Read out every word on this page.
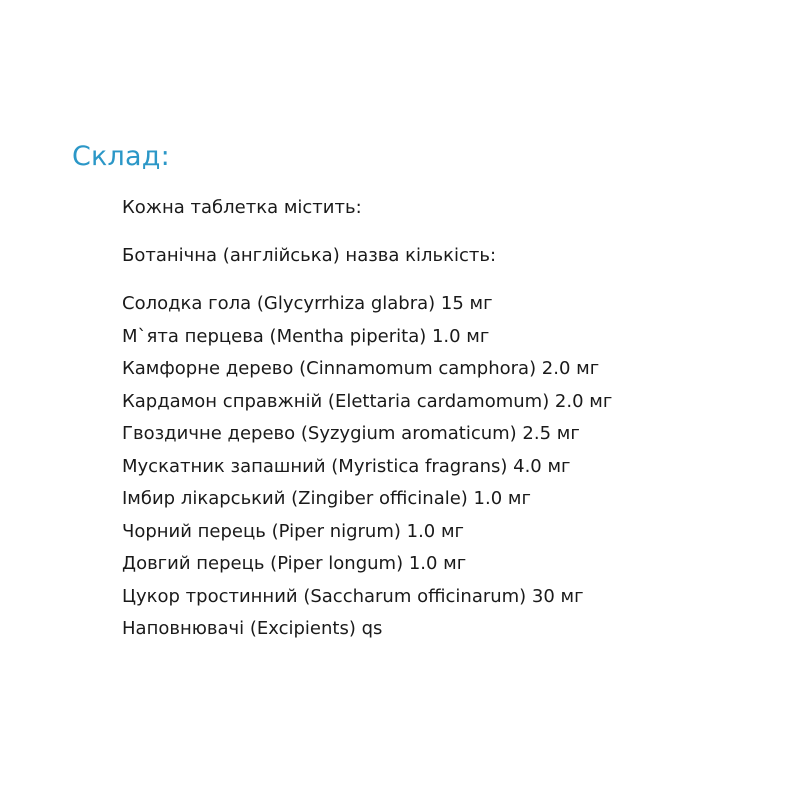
Склад:
Кожна таблетка містить:
Ботанічна (англійська) назва кількість:
Солодка гола (Glycyrrhiza glabra) 15 мг
М`ята перцева (Mentha piperita) 1.0 мг
Камфорне дерево (Cinnamomum camphora) 2.0 мг
Кардамон справжній (Elettaria cardamomum) 2.0 мг
Гвоздичне дерево (Syzygium aromaticum) 2.5 мг
Мускатник запашний (Myristica fragrans) 4.0 мг
Імбир лікарський (Zingiber officinale) 1.0 мг
Чорний перець (Piper nigrum) 1.0 мг
Довгий перець (Piper longum) 1.0 мг
Цукор тростинний (Saccharum officinarum) 30 мг
Наповнювачі (Excipients) qs
